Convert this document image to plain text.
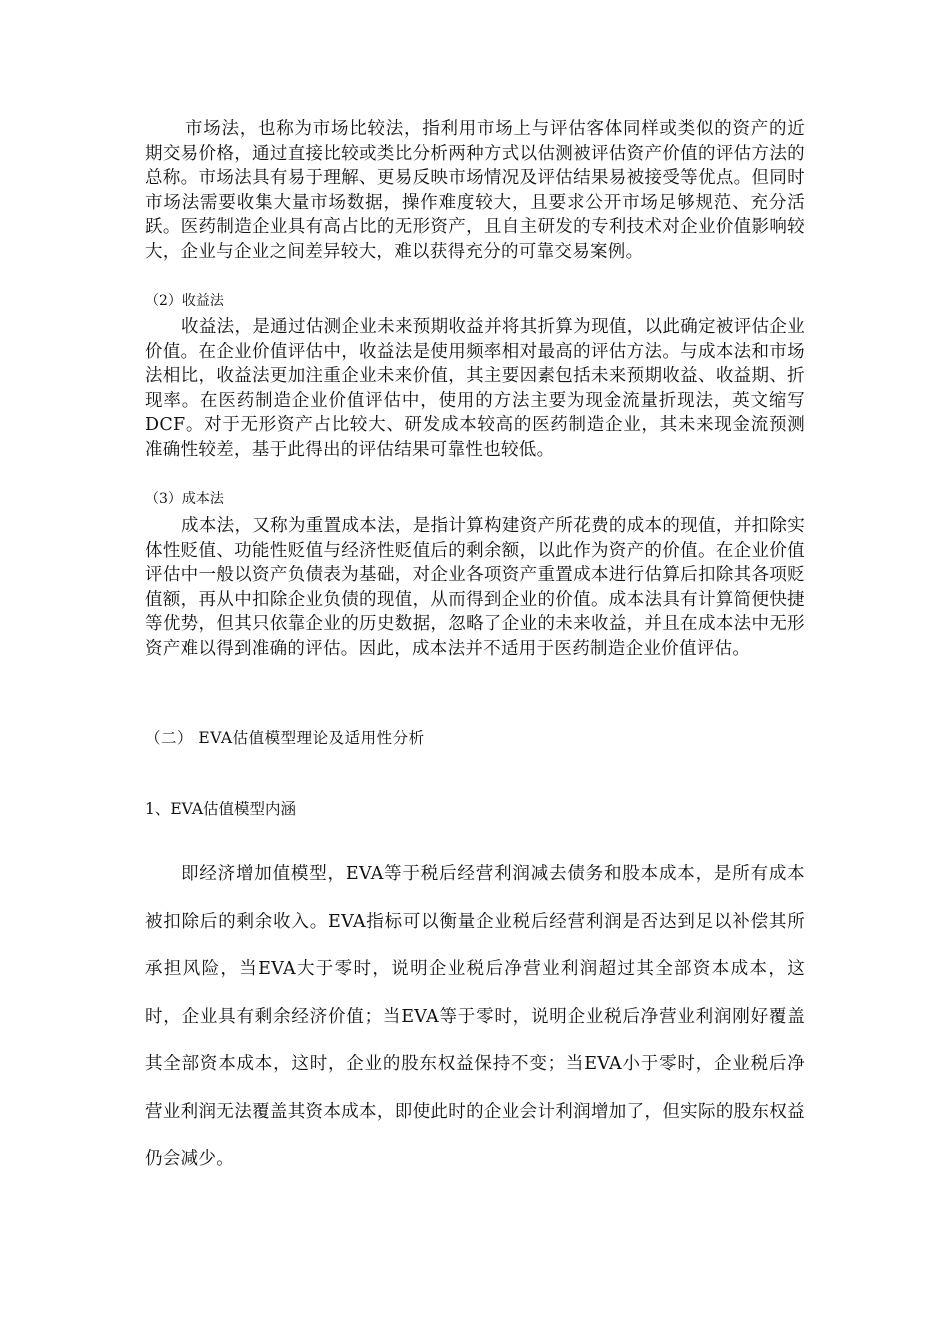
市场法，也称为市场比较法，指利用市场上与评估客体同样或类似的资产的近期交易价格，通过直接比较或类比分析两种方式以估测被评估资产价值的评估方法的总称。市场法具有易于理解、更易反映市场情况及评估结果易被接受等优点。但同时市场法需要收集大量市场数据，操作难度较大，且要求公开市场足够规范、充分活跃。医药制造企业具有高占比的无形资产，且自主研发的专利技术对企业价值影响较大，企业与企业之间差异较大，难以获得充分的可靠交易案例。

（2）收益法

收益法，是通过估测企业未来预期收益并将其折算为现值，以此确定被评估企业价值。在企业价值评估中，收益法是使用频率相对最高的评估方法。与成本法和市场法相比，收益法更加注重企业未来价值，其主要因素包括未来预期收益、收益期、折现率。在医药制造企业价值评估中，使用的方法主要为现金流量折现法，英文缩写DCF。对于无形资产占比较大、研发成本较高的医药制造企业，其未来现金流预测准确性较差，基于此得出的评估结果可靠性也较低。

（3）成本法

成本法，又称为重置成本法，是指计算构建资产所花费的成本的现值，并扣除实体性贬值、功能性贬值与经济性贬值后的剩余额，以此作为资产的价值。在企业价值评估中一般以资产负债表为基础，对企业各项资产重置成本进行估算后扣除其各项贬值额，再从中扣除企业负债的现值，从而得到企业的价值。成本法具有计算简便快捷等优势，但其只依靠企业的历史数据，忽略了企业的未来收益，并且在成本法中无形资产难以得到准确的评估。因此，成本法并不适用于医药制造企业价值评估。

（二） EVA估值模型理论及适用性分析

1、EVA估值模型内涵

即经济增加值模型，EVA等于税后经营利润减去债务和股本成本，是所有成本被扣除后的剩余收入。EVA指标可以衡量企业税后经营利润是否达到足以补偿其所承担风险，当EVA大于零时，说明企业税后净营业利润超过其全部资本成本，这时，企业具有剩余经济价值；当EVA等于零时，说明企业税后净营业利润刚好覆盖其全部资本成本，这时，企业的股东权益保持不变；当EVA小于零时，企业税后净营业利润无法覆盖其资本成本，即使此时的企业会计利润增加了，但实际的股东权益仍会减少。
